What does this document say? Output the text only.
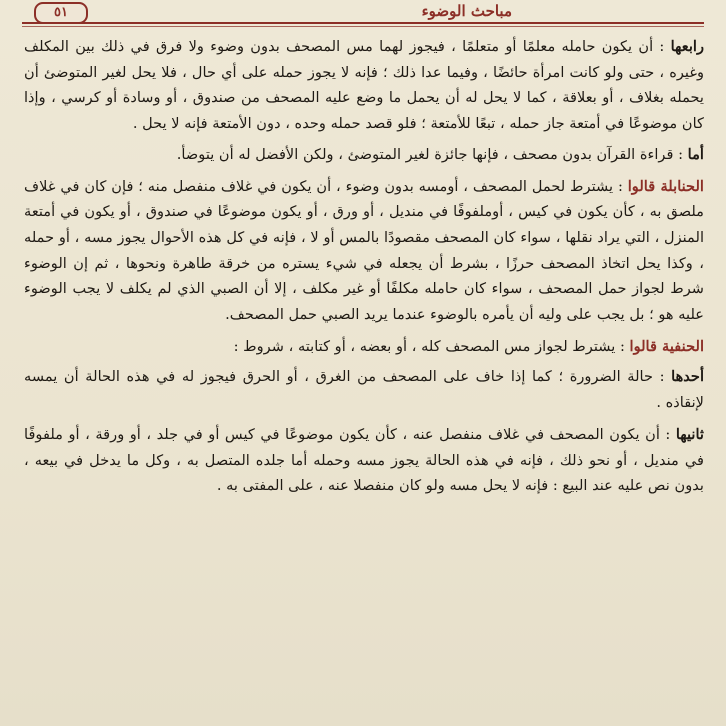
٥١	مباحث الوضوء

رابعها : أن يكون حامله معلمًا أو متعلمًا ، فيجوز لهما مس المصحف بدون وضوء ولا فرق في ذلك بين المكلف وغيره ، حتى ولو كانت امرأة حائضًا ، وفيما عدا ذلك ؛ فإنه لا يجوز حمله على أي حال ، فلا يحل لغير المتوضئ أن يحمله بغلاف ، أو بعلاقة ، كما لا يحل له أن يحمل ما وضع عليه المصحف من صندوق ، أو وسادة أو كرسي ، وإذا كان موضوعًا في أمتعة جاز حمله ، تبعًا للأمتعة ؛ فلو قصد حمله وحده ، دون الأمتعة فإنه لا يحل .

أما : قراءة القرآن بدون مصحف ، فإنها جائزة لغير المتوضئ ، ولكن الأفضل له أن يتوضأ.

الحنابلة قالوا : يشترط لحمل المصحف ، أومسه بدون وضوء ، أن يكون في غلاف منفصل منه ؛ فإن كان في غلاف ملصق به ، كأن يكون في كيس ، أوملفوفًا في منديل ، أو ورق ، أو يكون موضوعًا في صندوق ، أو يكون في أمتعة المنزل ، التي يراد نقلها ، سواء كان المصحف مقصودًا بالمس أو لا ، فإنه في كل هذه الأحوال يجوز مسه ، أو حمله ، وكذا يحل اتخاذ المصحف حرزًا ، بشرط أن يجعله في شيء يستره من خرقة طاهرة ونحوها ، ثم إن الوضوء شرط لجواز حمل المصحف ، سواء كان حامله مكلفًا أو غير مكلف ، إلا أن الصبي الذي لم يكلف لا يجب الوضوء عليه هو ؛ بل يجب على وليه أن يأمره بالوضوء عندما يريد الصبي حمل المصحف.

الحنفية قالوا : يشترط لجواز مس المصحف كله ، أو بعضه ، أو كتابته ، شروط :

أحدها : حالة الضرورة ؛ كما إذا خاف على المصحف من الغرق ، أو الحرق فيجوز له في هذه الحالة أن يمسه لإنقاذه .

ثانيها : أن يكون المصحف في غلاف منفصل عنه ، كأن يكون موضوعًا في كيس أو في جلد ، أو ورقة ، أو ملفوفًا في منديل ، أو نحو ذلك ، فإنه في هذه الحالة يجوز مسه وحمله أما جلده المتصل به ، وكل ما يدخل في بيعه ، بدون نص عليه عند البيع : فإنه لا يحل مسه ولو كان منفصلا عنه ، على المفتى به .
